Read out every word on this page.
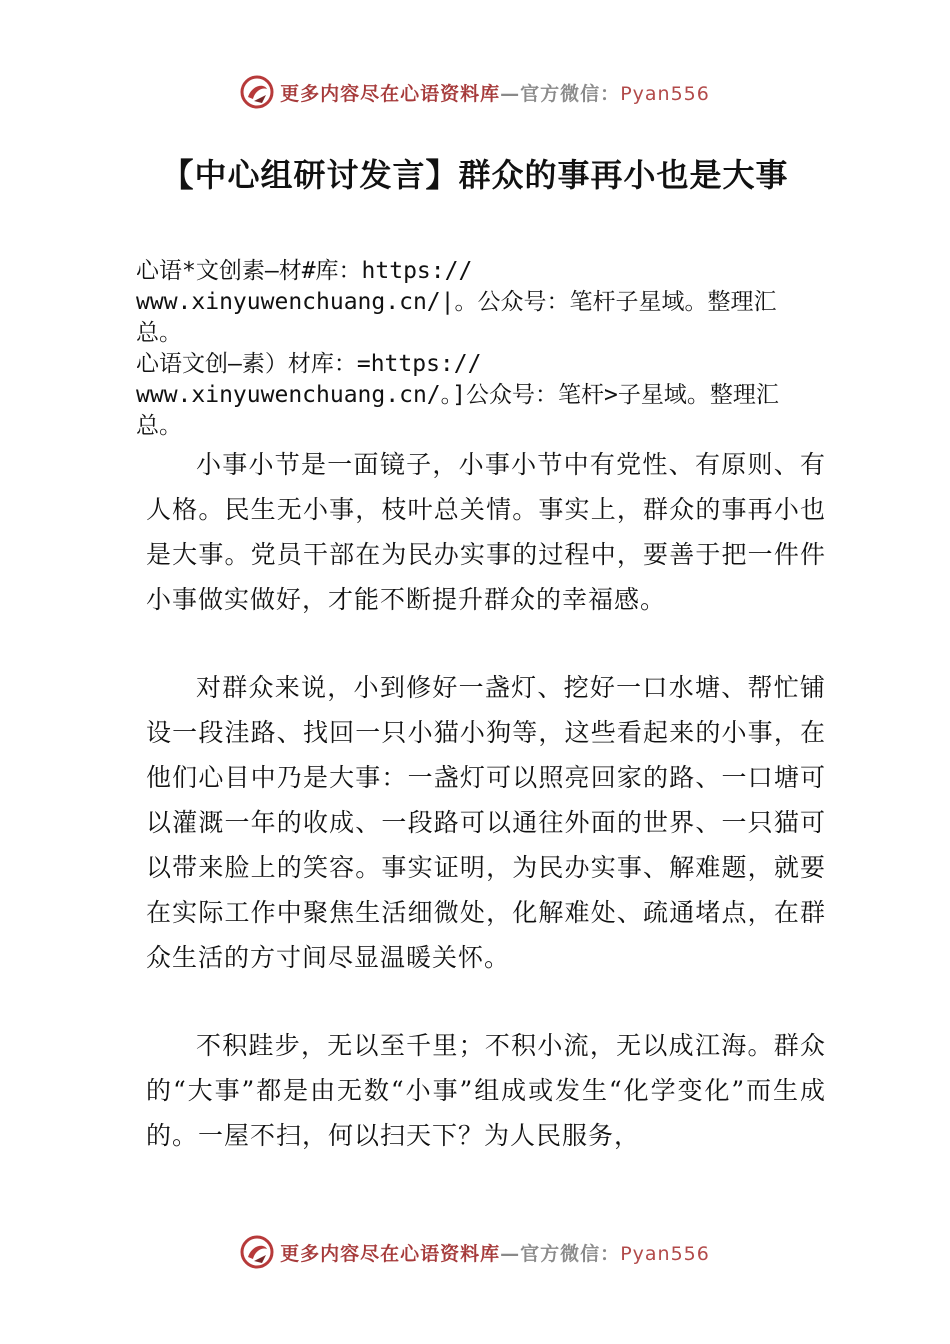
更多内容尽在心语资料库—官方微信：Pyan556
【中心组研讨发言】群众的事再小也是大事
心语*文创素—材#库：https://
www.xinyuwenchuang.cn/|。公众号：笔杆子星域。整理汇
总。
心语文创—素）材库：=https://
www.xinyuwenchuang.cn/。]公众号：笔杆>子星域。整理汇
总。

小事小节是一面镜子，小事小节中有党性、有原则、有人格。民生无小事，枝叶总关情。事实上，群众的事再小也是大事。党员干部在为民办实事的过程中，要善于把一件件小事做实做好，才能不断提升群众的幸福感。

对群众来说，小到修好一盏灯、挖好一口水塘、帮忙铺设一段洼路、找回一只小猫小狗等，这些看起来的小事，在他们心目中乃是大事：一盏灯可以照亮回家的路、一口塘可以灌溉一年的收成、一段路可以通往外面的世界、一只猫可以带来脸上的笑容。事实证明，为民办实事、解难题，就要在实际工作中聚焦生活细微处，化解难处、疏通堵点，在群众生活的方寸间尽显温暖关怀。

不积跬步，无以至千里；不积小流，无以成江海。群众的“大事”都是由无数“小事”组成或发生“化学变化”而生成的。一屋不扫，何以扫天下？为人民服务，

更多内容尽在心语资料库—官方微信：Pyan556
